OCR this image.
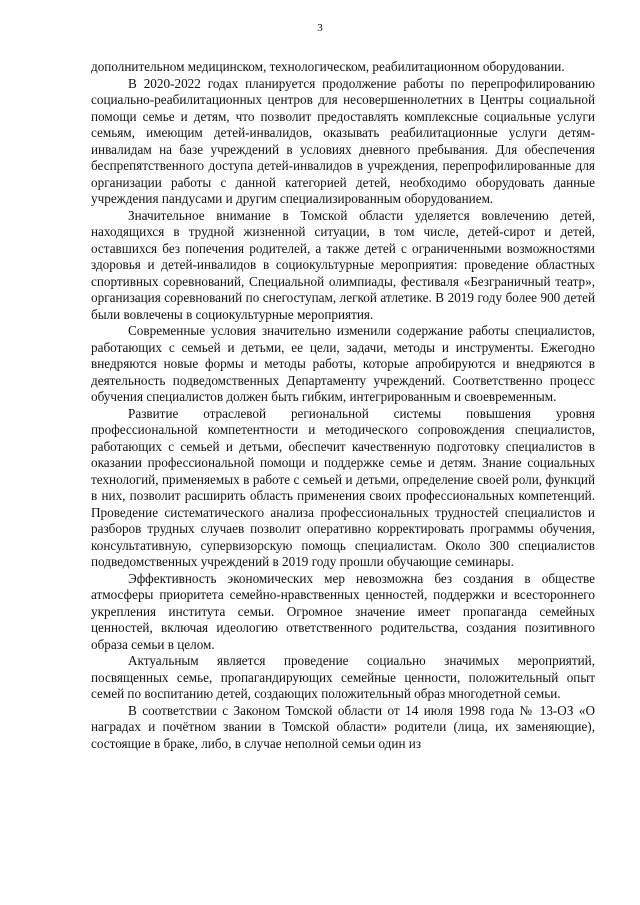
3

дополнительном медицинском, технологическом, реабилитационном оборудовании.

В 2020-2022 годах планируется продолжение работы по перепрофилированию социально-реабилитационных центров для несовершеннолетних в Центры социальной помощи семье и детям, что позволит предоставлять комплексные социальные услуги семьям, имеющим детей-инвалидов, оказывать реабилитационные услуги детям-инвалидам на базе учреждений в условиях дневного пребывания. Для обеспечения беспрепятственного доступа детей-инвалидов в учреждения, перепрофилированные для организации работы с данной категорией детей, необходимо оборудовать данные учреждения пандусами и другим специализированным оборудованием.

Значительное внимание в Томской области уделяется вовлечению детей, находящихся в трудной жизненной ситуации, в том числе, детей-сирот и детей, оставшихся без попечения родителей, а также детей с ограниченными возможностями здоровья и детей-инвалидов в социокультурные мероприятия: проведение областных спортивных соревнований, Специальной олимпиады, фестиваля «Безграничный театр», организация соревнований по снегоступам, легкой атлетике. В 2019 году более 900 детей были вовлечены в социокультурные мероприятия.

Современные условия значительно изменили содержание работы специалистов, работающих с семьей и детьми, ее цели, задачи, методы и инструменты. Ежегодно внедряются новые формы и методы работы, которые апробируются и внедряются в деятельность подведомственных Департаменту учреждений. Соответственно процесс обучения специалистов должен быть гибким, интегрированным и своевременным.

Развитие отраслевой региональной системы повышения уровня профессиональной компетентности и методического сопровождения специалистов, работающих с семьей и детьми, обеспечит качественную подготовку специалистов в оказании профессиональной помощи и поддержке семье и детям. Знание социальных технологий, применяемых в работе с семьей и детьми, определение своей роли, функций в них, позволит расширить область применения своих профессиональных компетенций. Проведение систематического анализа профессиональных трудностей специалистов и разборов трудных случаев позволит оперативно корректировать программы обучения, консультативную, супервизорскую помощь специалистам. Около 300 специалистов подведомственных учреждений в 2019 году прошли обучающие семинары.

Эффективность экономических мер невозможна без создания в обществе атмосферы приоритета семейно-нравственных ценностей, поддержки и всестороннего укрепления института семьи. Огромное значение имеет пропаганда семейных ценностей, включая идеологию ответственного родительства, создания позитивного образа семьи в целом.

Актуальным является проведение социально значимых мероприятий, посвященных семье, пропагандирующих семейные ценности, положительный опыт семей по воспитанию детей, создающих положительный образ многодетной семьи.

В соответствии с Законом Томской области от 14 июля 1998 года № 13-ОЗ «О наградах и почётном звании в Томской области» родители (лица, их заменяющие), состоящие в браке, либо, в случае неполной семьи один из
